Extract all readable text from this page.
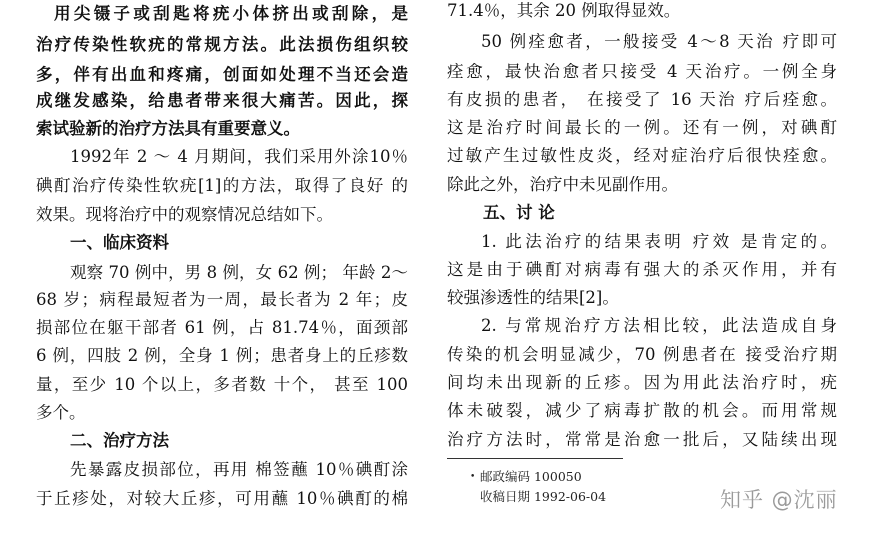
用尖镊子或刮匙将疣小体挤出或刮除，是
治疗传染性软疣的常规方法。此法损伤组织较
多，伴有出血和疼痛，创面如处理不当还会造
成继发感染，给患者带来很大痛苦。因此，探
索试验新的治疗方法具有重要意义。
1992年 2 ～ 4 月期间，我们采用外涂10％
碘酊治疗传染性软疣[1]的方法，取得了良好 的
效果。现将治疗中的观察情况总结如下。
一、临床资料
观察 70 例中，男 8 例，女 62 例； 年龄 2～
68 岁；病程最短者为一周，最长者为 2 年；皮
损部位在躯干部者 61 例，占 81.74％，面颈部
6 例，四肢 2 例，全身 1 例；患者身上的丘疹数
量，至少 10 个以上，多者数 十个， 甚至 100
多个。
二、治疗方法
先暴露皮损部位，再用 棉签蘸 10％碘酊涂
于丘疹处，对较大丘疹，可用蘸 10％碘酊的棉
71.4％，其余 20 例取得显效。
50 例痊愈者，一般接受 4～8 天治 疗即可
痊愈，最快治愈者只接受 4 天治疗。一例全身
有皮损的患者， 在接受了 16 天治 疗后痊愈。
这是治疗时间最长的一例。还有一例，对碘酊
过敏产生过敏性皮炎，经对症治疗后很快痊愈。
除此之外，治疗中未见副作用。
五、讨 论
1. 此法治疗的结果表明 疗效 是肯定的。
这是由于碘酊对病毒有强大的杀灭作用，并有
较强渗透性的结果[2]。
2. 与常规治疗方法相比较，此法造成自身
传染的机会明显减少，70 例患者在 接受治疗期
间均未出现新的丘疹。因为用此法治疗时，疣
体未破裂，减少了病毒扩散的机会。而用常规
治疗方法时，常常是治愈一批后，又陆续出现
• 邮政编码 100050
收稿日期 1992-06-04	知乎 @沈丽
